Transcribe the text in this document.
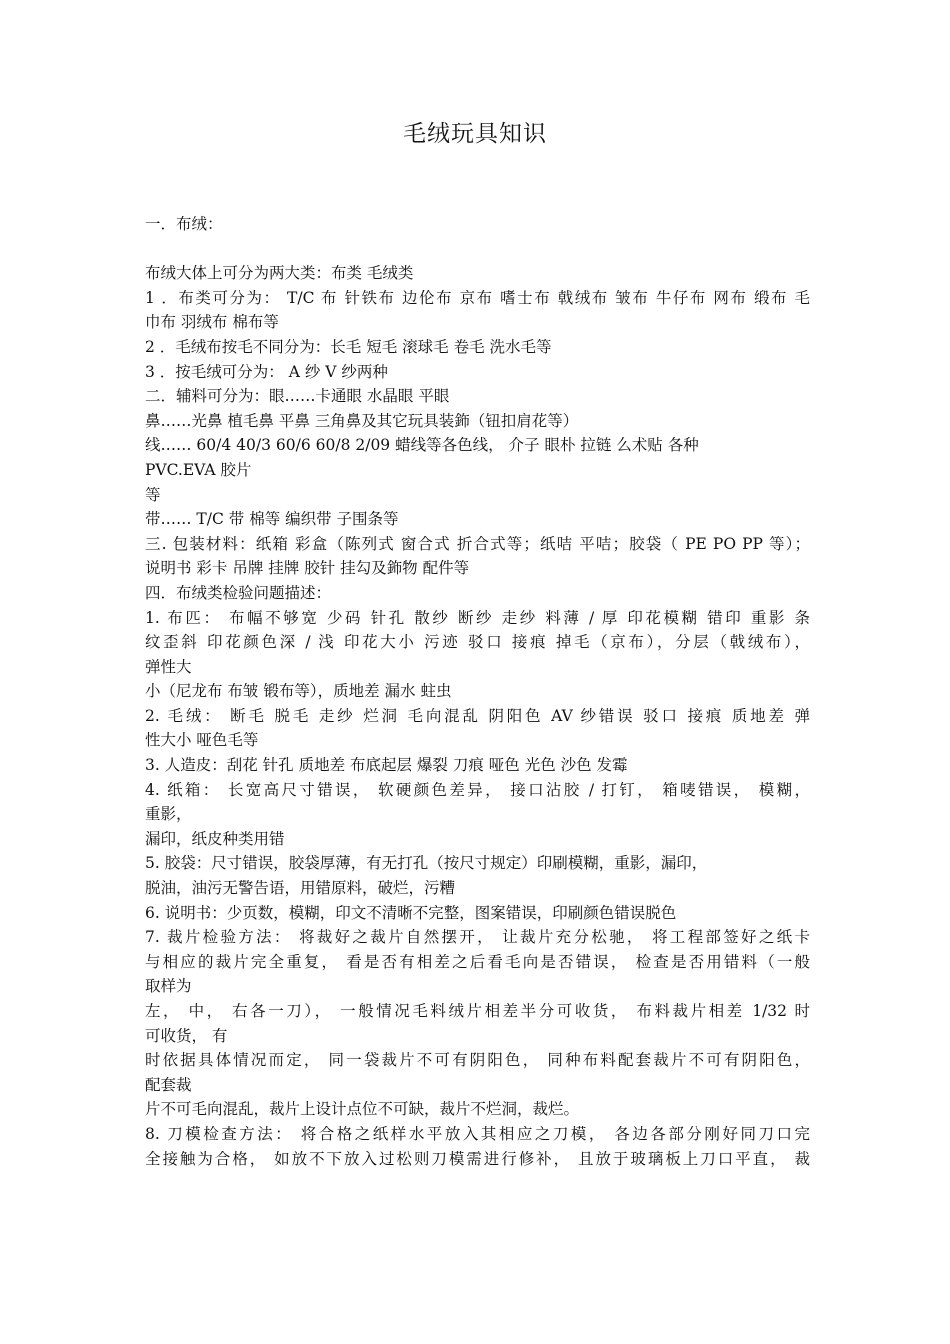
毛绒玩具知识
一．布绒：
布绒大体上可分为两大类：布类 毛绒类
1 ．布类可分为： T/C 布 针铁布 边伦布 京布 嗜士布 戟绒布 皱布 牛仔布 网布 缎布 毛
巾布 羽绒布 棉布等
2 ．毛绒布按毛不同分为：长毛 短毛 滚球毛 卷毛 洗水毛等
3 ．按毛绒可分为： A 纱 V 纱两种
二．辅料可分为：眼……卡通眼 水晶眼 平眼
鼻……光鼻 植毛鼻 平鼻 三角鼻及其它玩具装鉓（钮扣肩花等）
线…… 60/4 40/3 60/6 60/8 2/09 蜡线等各色线， 介子 眼朴 拉链 么术贴 各种
PVC.EVA 胶片
等
带…… T/C 带 棉等 编织带 子围条等
三. 包装材料：纸箱 彩盒（陈列式 窗合式 折合式等；纸咭 平咭；胶袋（ PE PO PP 等）；
说明书 彩卡 吊牌 挂牌 胶针 挂勾及鉓物 配件等
四．布绒类检验问题描述：
1. 布匹： 布幅不够宽 少码 针孔 散纱 断纱 走纱 料薄 / 厚 印花模糊 错印 重影 条
纹歪斜 印花颜色深 / 浅 印花大小 污迹 驳口 接痕 掉毛（京布），分层（戟绒布），
弹性大
小（尼龙布 布皱 锻布等），质地差 漏水 蛀虫
2. 毛绒： 断毛 脱毛 走纱 烂洞 毛向混乱 阴阳色 AV 纱错误 驳口 接痕 质地差 弹
性大小 哑色毛等
3. 人造皮：刮花 针孔 质地差 布底起层 爆裂 刀痕 哑色 光色 沙色 发霉
4. 纸箱： 长宽高尺寸错误， 软硬颜色差异， 接口沾胶 / 打钉， 箱唛错误， 模糊，
重影，
漏印，纸皮种类用错
5. 胶袋：尺寸错误，胶袋厚薄，有无打孔（按尺寸规定）印刷模糊，重影，漏印，
脱油，油污无警告语，用错原料，破烂，污糟
6. 说明书：少页数，模糊，印文不清晰不完整，图案错误，印刷颜色错误脱色
7. 裁片检验方法： 将裁好之裁片自然摆开， 让裁片充分松驰， 将工程部签好之纸卡
与相应的裁片完全重复， 看是否有相差之后看毛向是否错误， 检查是否用错料（一般
取样为
左， 中， 右各一刀）， 一般情况毛料绒片相差半分可收货， 布料裁片相差 1/32 时
可收货， 有
时依据具体情况而定， 同一袋裁片不可有阴阳色， 同种布料配套裁片不可有阴阳色，
配套裁
片不可毛向混乱，裁片上设计点位不可缺，裁片不烂洞，裁烂。
8. 刀模检查方法： 将合格之纸样水平放入其相应之刀模， 各边各部分刚好同刀口完
全接触为合格， 如放不下放入过松则刀模需进行修补， 且放于玻璃板上刀口平直， 裁
